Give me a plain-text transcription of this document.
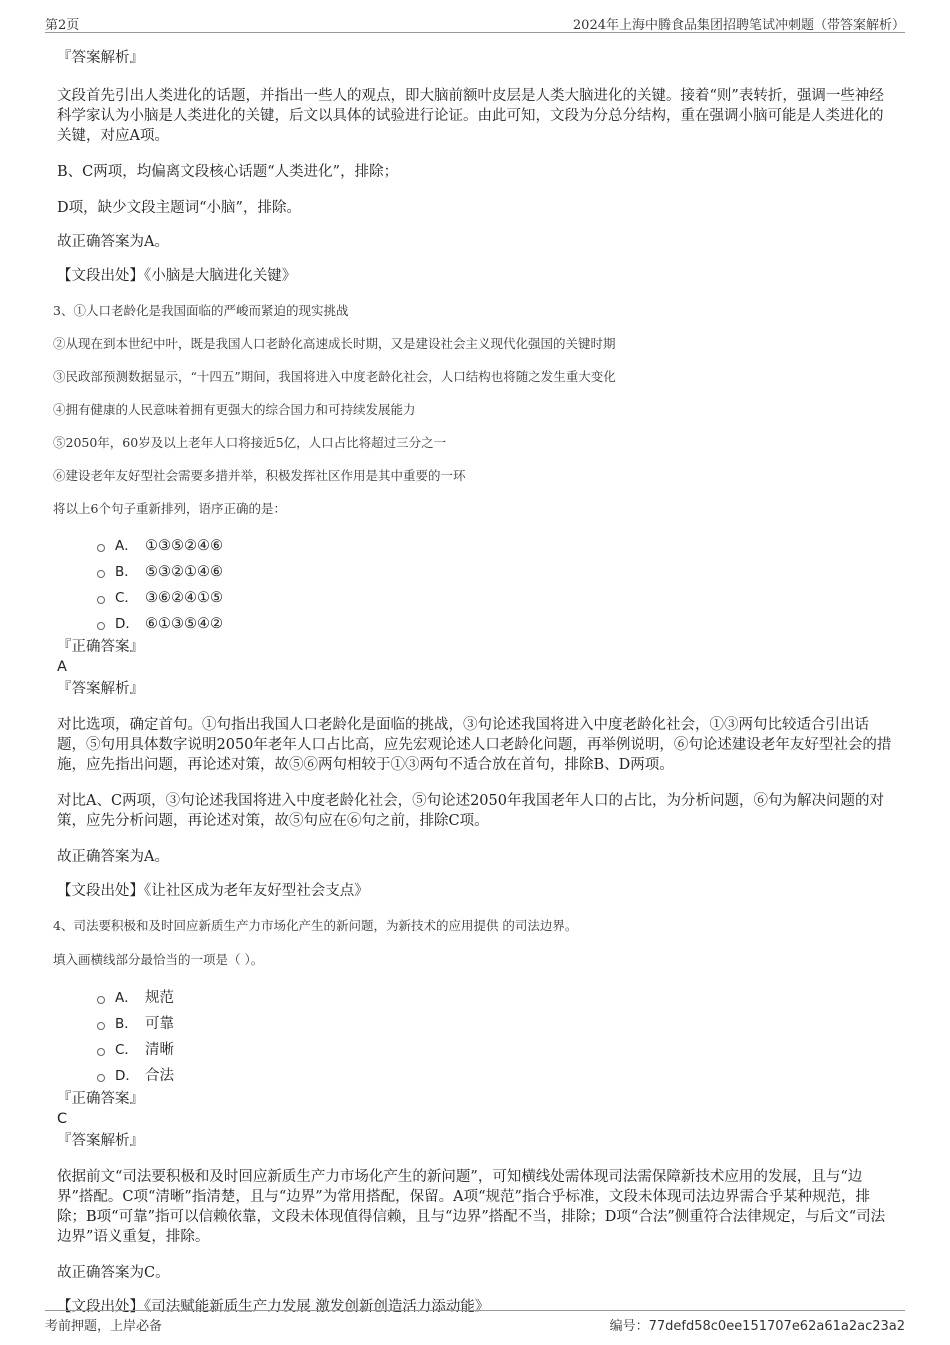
第2页	2024年上海中腾食品集团招聘笔试冲刺题（带答案解析）
『答案解析』

文段首先引出人类进化的话题，并指出一些人的观点，即大脑前额叶皮层是人类大脑进化的关键。接着“则”表转折，强调一些神经科学家认为小脑是人类进化的关键，后文以具体的试验进行论证。由此可知，文段为分总分结构，重在强调小脑可能是人类进化的关键，对应A项。

B、C两项，均偏离文段核心话题“人类进化”，排除；

D项，缺少文段主题词“小脑”，排除。

故正确答案为A。

【文段出处】《小脑是大脑进化关键》

3、①人口老龄化是我国面临的严峻而紧迫的现实挑战
②从现在到本世纪中叶，既是我国人口老龄化高速成长时期，又是建设社会主义现代化强国的关键时期
③民政部预测数据显示，“十四五”期间，我国将进入中度老龄化社会，人口结构也将随之发生重大变化
④拥有健康的人民意味着拥有更强大的综合国力和可持续发展能力
⑤2050年，60岁及以上老年人口将接近5亿，人口占比将超过三分之一
⑥建设老年友好型社会需要多措并举，积极发挥社区作用是其中重要的一环
将以上6个句子重新排列，语序正确的是：
A． ①③⑤②④⑥
B． ⑤③②①④⑥
C． ③⑥②④①⑤
D． ⑥①③⑤④②
『正确答案』
A
『答案解析』

对比选项，确定首句。①句指出我国人口老龄化是面临的挑战，③句论述我国将进入中度老龄化社会，①③两句比较适合引出话题，⑤句用具体数字说明2050年老年人口占比高，应先宏观论述人口老龄化问题，再举例说明，⑥句论述建设老年友好型社会的措施，应先指出问题，再论述对策，故⑤⑥两句相较于①③两句不适合放在首句，排除B、D两项。

对比A、C两项，③句论述我国将进入中度老龄化社会，⑤句论述2050年我国老年人口的占比，为分析问题，⑥句为解决问题的对策，应先分析问题，再论述对策，故⑤句应在⑥句之前，排除C项。

故正确答案为A。

【文段出处】《让社区成为老年友好型社会支点》

4、司法要积极和及时回应新质生产力市场化产生的新问题，为新技术的应用提供 的司法边界。
填入画横线部分最恰当的一项是（ ）。
A． 规范
B． 可靠
C． 清晰
D． 合法
『正确答案』
C
『答案解析』

依据前文“司法要积极和及时回应新质生产力市场化产生的新问题”，可知横线处需体现司法需保障新技术应用的发展，且与“边界”搭配。C项“清晰”指清楚，且与“边界”为常用搭配，保留。A项“规范”指合乎标准，文段未体现司法边界需合乎某种规范，排除；B项“可靠”指可以信赖依靠，文段未体现值得信赖，且与“边界”搭配不当，排除；D项“合法”侧重符合法律规定，与后文“司法边界”语义重复，排除。

故正确答案为C。

【文段出处】《司法赋能新质生产力发展 激发创新创造活力添动能》

考前押题，上岸必备	编号：77defd58c0ee151707e62a61a2ac23a2
